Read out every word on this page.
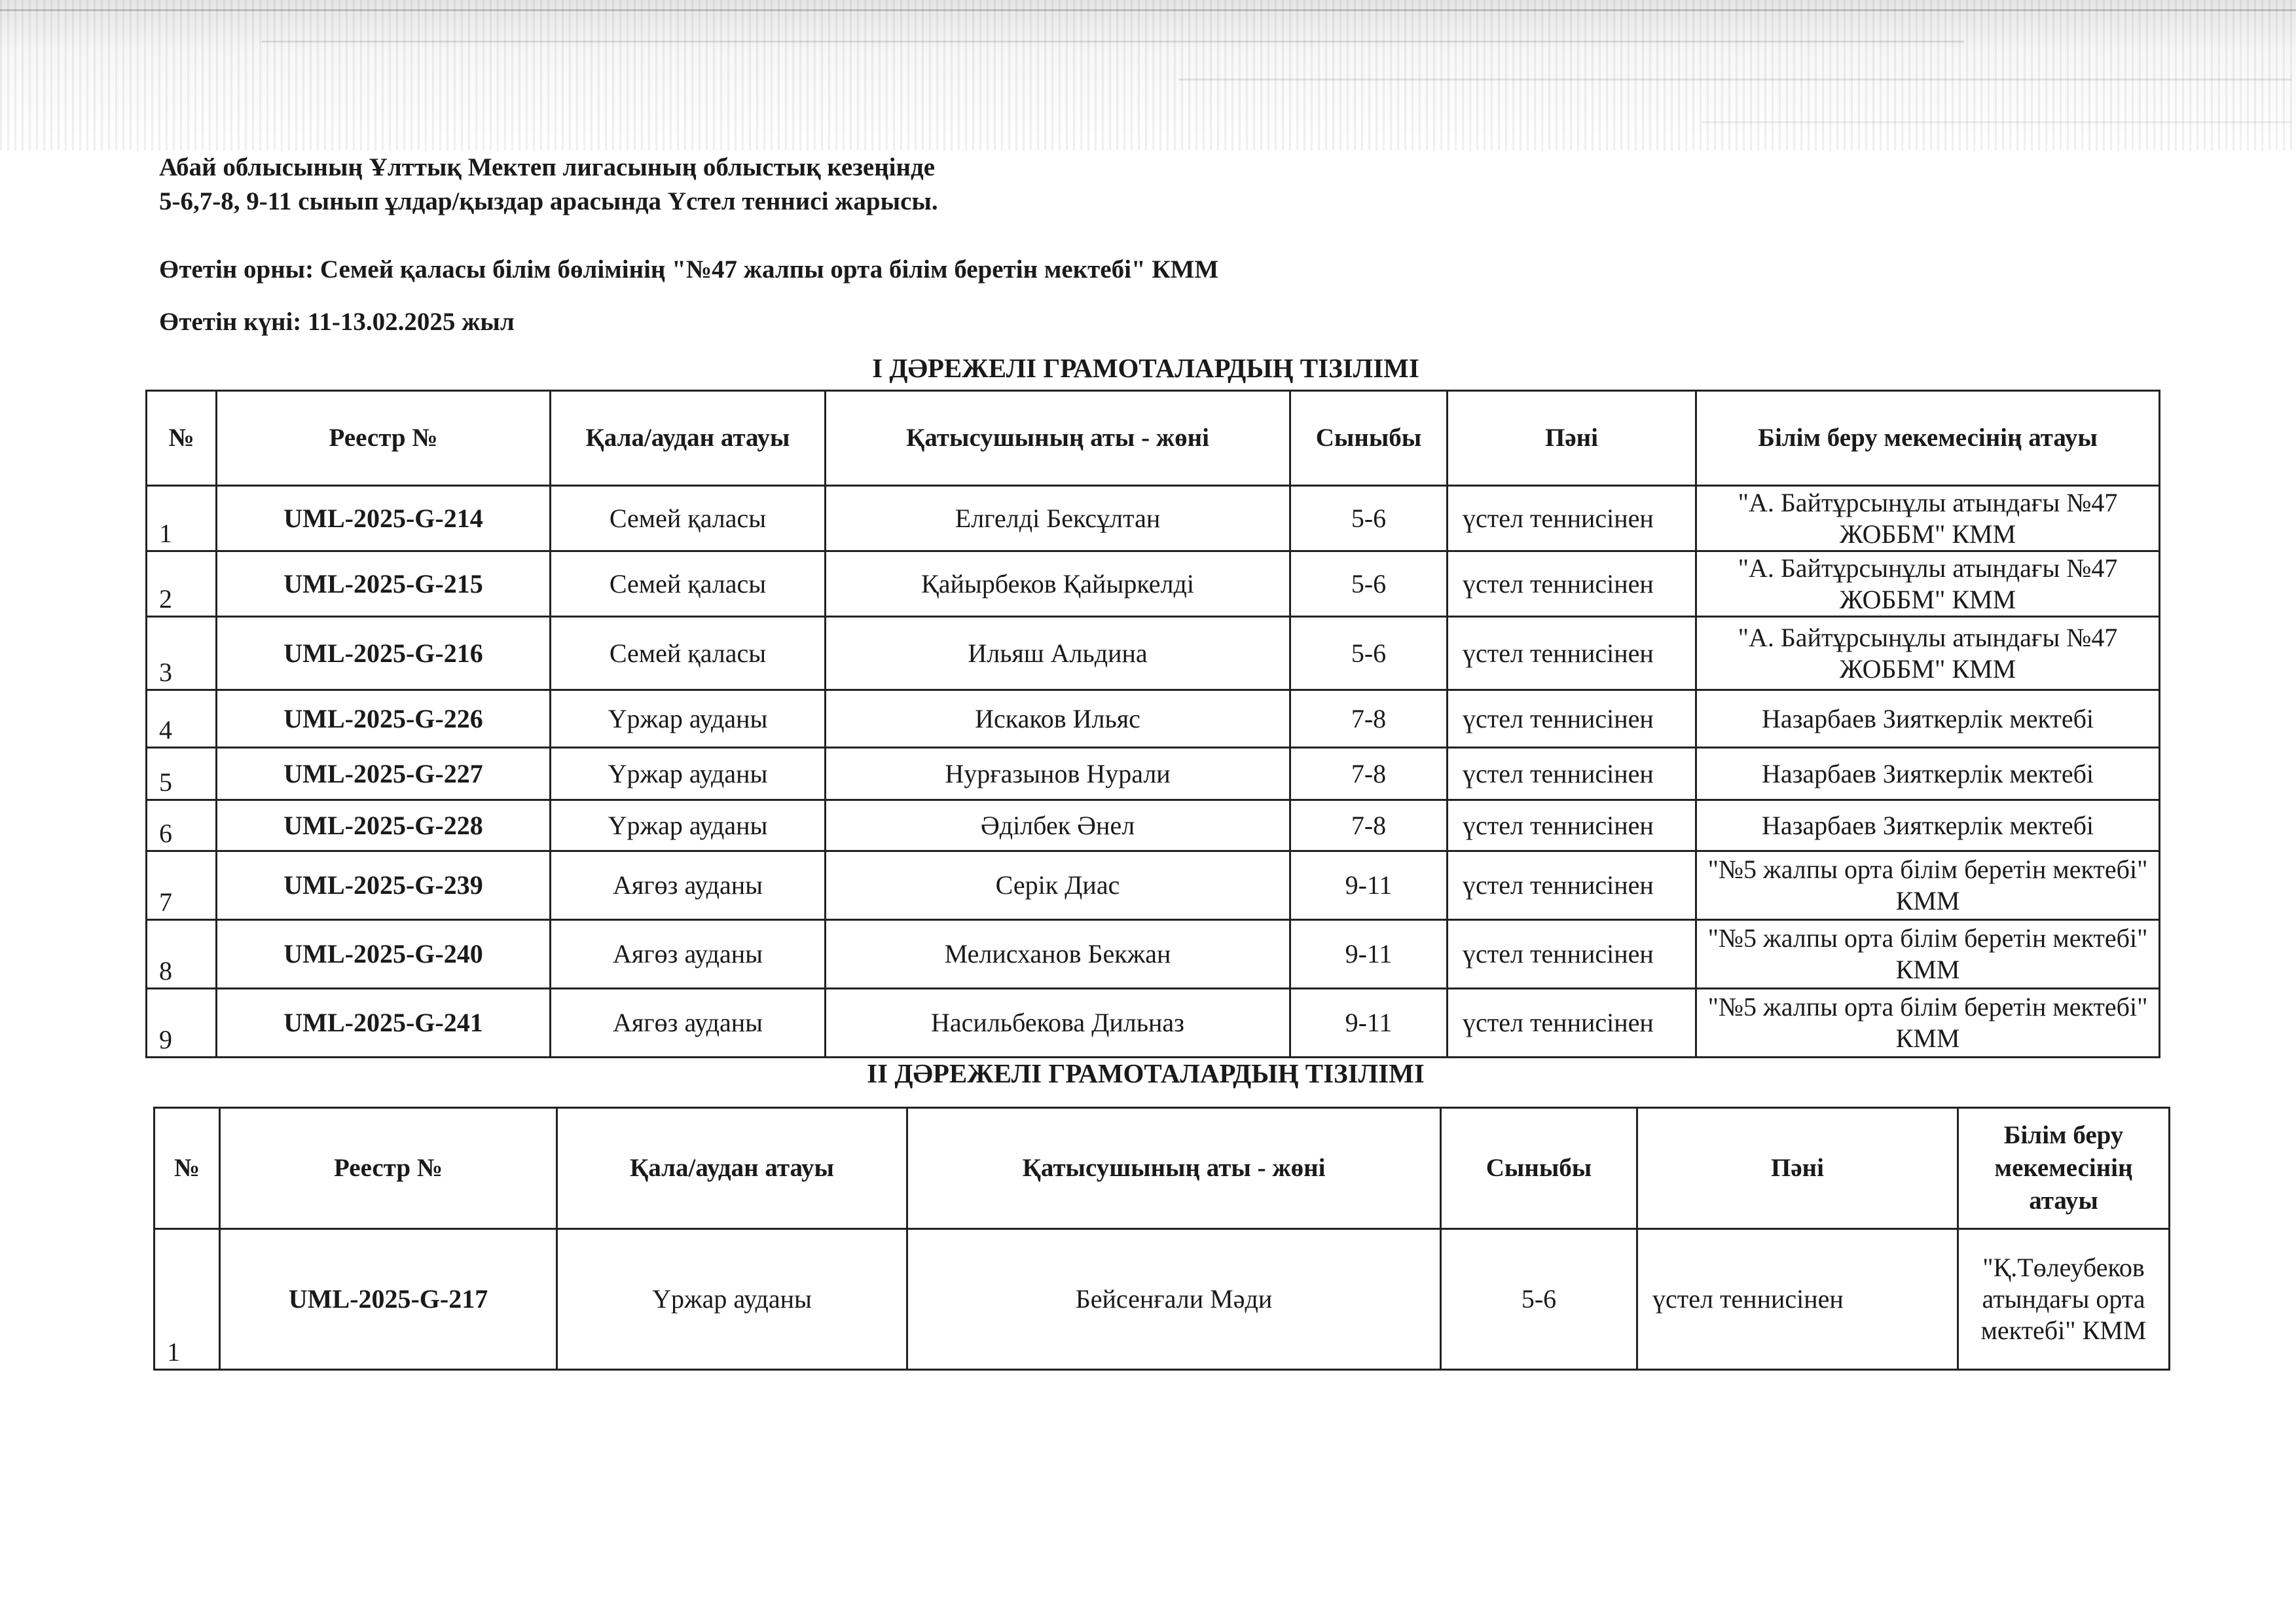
Абай облысының Ұлттық Мектеп лигасының облыстық кезеңінде
5-6,7-8, 9-11 сынып ұлдар/қыздар арасында Үстел теннисі жарысы.
Өтетін орны: Семей қаласы білім бөлімінің "№47 жалпы орта білім беретін мектебі" КММ
Өтетін күні: 11-13.02.2025 жыл
І ДӘРЕЖЕЛІ ГРАМОТАЛАРДЫҢ ТІЗІЛІМІ
№	Реестр №	Қала/аудан атауы	Қатысушының аты - жөні	Сыныбы	Пәні	Білім беру мекемесінің атауы
1	UML-2025-G-214	Семей қаласы	Елгелді Бексұлтан	5-6	үстел теннисінен	"А. Байтұрсынұлы атындағы №47 ЖОББМ" КММ
2	UML-2025-G-215	Семей қаласы	Қайырбеков Қайыркелді	5-6	үстел теннисінен	"А. Байтұрсынұлы атындағы №47 ЖОББМ" КММ
3	UML-2025-G-216	Семей қаласы	Ильяш Альдина	5-6	үстел теннисінен	"А. Байтұрсынұлы атындағы №47 ЖОББМ" КММ
4	UML-2025-G-226	Үржар ауданы	Искаков Ильяс	7-8	үстел теннисінен	Назарбаев Зияткерлік мектебі
5	UML-2025-G-227	Үржар ауданы	Нурғазынов Нурали	7-8	үстел теннисінен	Назарбаев Зияткерлік мектебі
6	UML-2025-G-228	Үржар ауданы	Әділбек Әнел	7-8	үстел теннисінен	Назарбаев Зияткерлік мектебі
7	UML-2025-G-239	Аягөз ауданы	Серік Диас	9-11	үстел теннисінен	"№5 жалпы орта білім беретін мектебі" КММ
8	UML-2025-G-240	Аягөз ауданы	Мелисханов Бекжан	9-11	үстел теннисінен	"№5 жалпы орта білім беретін мектебі" КММ
9	UML-2025-G-241	Аягөз ауданы	Насильбекова Дильназ	9-11	үстел теннисінен	"№5 жалпы орта білім беретін мектебі" КММ
ІІ ДӘРЕЖЕЛІ ГРАМОТАЛАРДЫҢ ТІЗІЛІМІ
№	Реестр №	Қала/аудан атауы	Қатысушының аты - жөні	Сыныбы	Пәні	Білім беру мекемесінің атауы
1	UML-2025-G-217	Үржар ауданы	Бейсенғали Мәди	5-6	үстел теннисінен	"Қ.Төлеубеков атындағы орта мектебі" КММ
